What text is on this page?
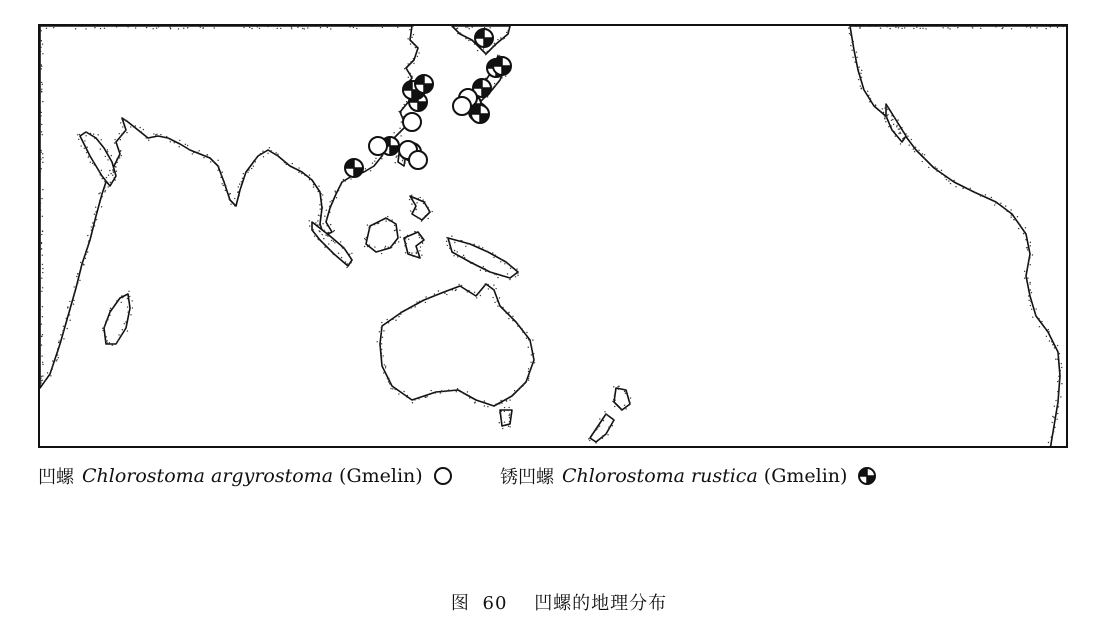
凹螺 Chlorostoma argyrostoma (Gmelin)	锈凹螺 Chlorostoma rustica (Gmelin)
图 60 凹螺的地理分布
